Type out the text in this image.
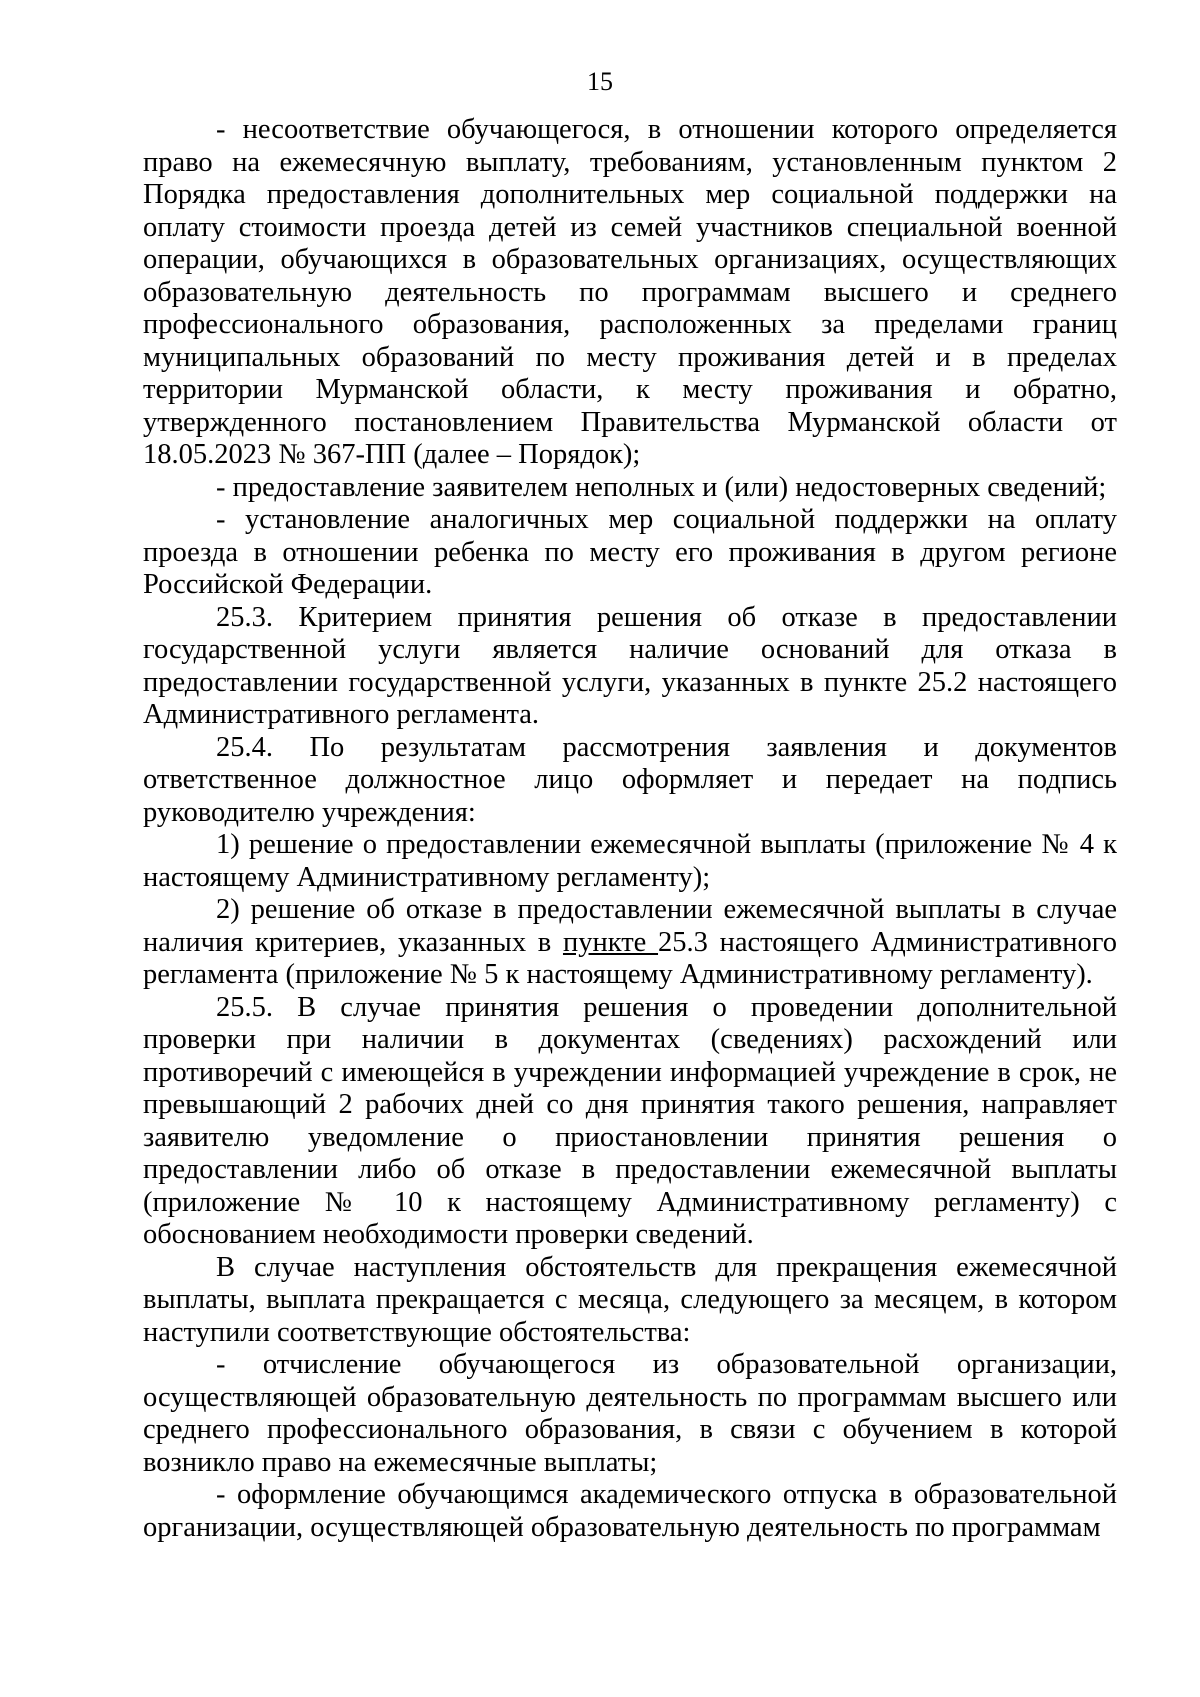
15

- несоответствие обучающегося, в отношении которого определяется право на ежемесячную выплату, требованиям, установленным пунктом 2 Порядка предоставления дополнительных мер социальной поддержки на оплату стоимости проезда детей из семей участников специальной военной операции, обучающихся в образовательных организациях, осуществляющих образовательную деятельность по программам высшего и среднего профессионального образования, расположенных за пределами границ муниципальных образований по месту проживания детей и в пределах территории Мурманской области, к месту проживания и обратно, утвержденного постановлением Правительства Мурманской области от 18.05.2023 № 367-ПП (далее – Порядок);

- предоставление заявителем неполных и (или) недостоверных сведений;

- установление аналогичных мер социальной поддержки на оплату проезда в отношении ребенка по месту его проживания в другом регионе Российской Федерации.

25.3. Критерием принятия решения об отказе в предоставлении государственной услуги является наличие оснований для отказа в предоставлении государственной услуги, указанных в пункте 25.2 настоящего Административного регламента.

25.4. По результатам рассмотрения заявления и документов ответственное должностное лицо оформляет и передает на подпись руководителю учреждения:

1) решение о предоставлении ежемесячной выплаты (приложение № 4 к настоящему Административному регламенту);

2) решение об отказе в предоставлении ежемесячной выплаты в случае наличия критериев, указанных в пункте 25.3 настоящего Административного регламента (приложение № 5 к настоящему Административному регламенту).

25.5. В случае принятия решения о проведении дополнительной проверки при наличии в документах (сведениях) расхождений или противоречий с имеющейся в учреждении информацией учреждение в срок, не превышающий 2 рабочих дней со дня принятия такого решения, направляет заявителю уведомление о приостановлении принятия решения о предоставлении либо об отказе в предоставлении ежемесячной выплаты (приложение № 10 к настоящему Административному регламенту) с обоснованием необходимости проверки сведений.

В случае наступления обстоятельств для прекращения ежемесячной выплаты, выплата прекращается с месяца, следующего за месяцем, в котором наступили соответствующие обстоятельства:

- отчисление обучающегося из образовательной организации, осуществляющей образовательную деятельность по программам высшего или среднего профессионального образования, в связи с обучением в которой возникло право на ежемесячные выплаты;

- оформление обучающимся академического отпуска в образовательной организации, осуществляющей образовательную деятельность по программам
